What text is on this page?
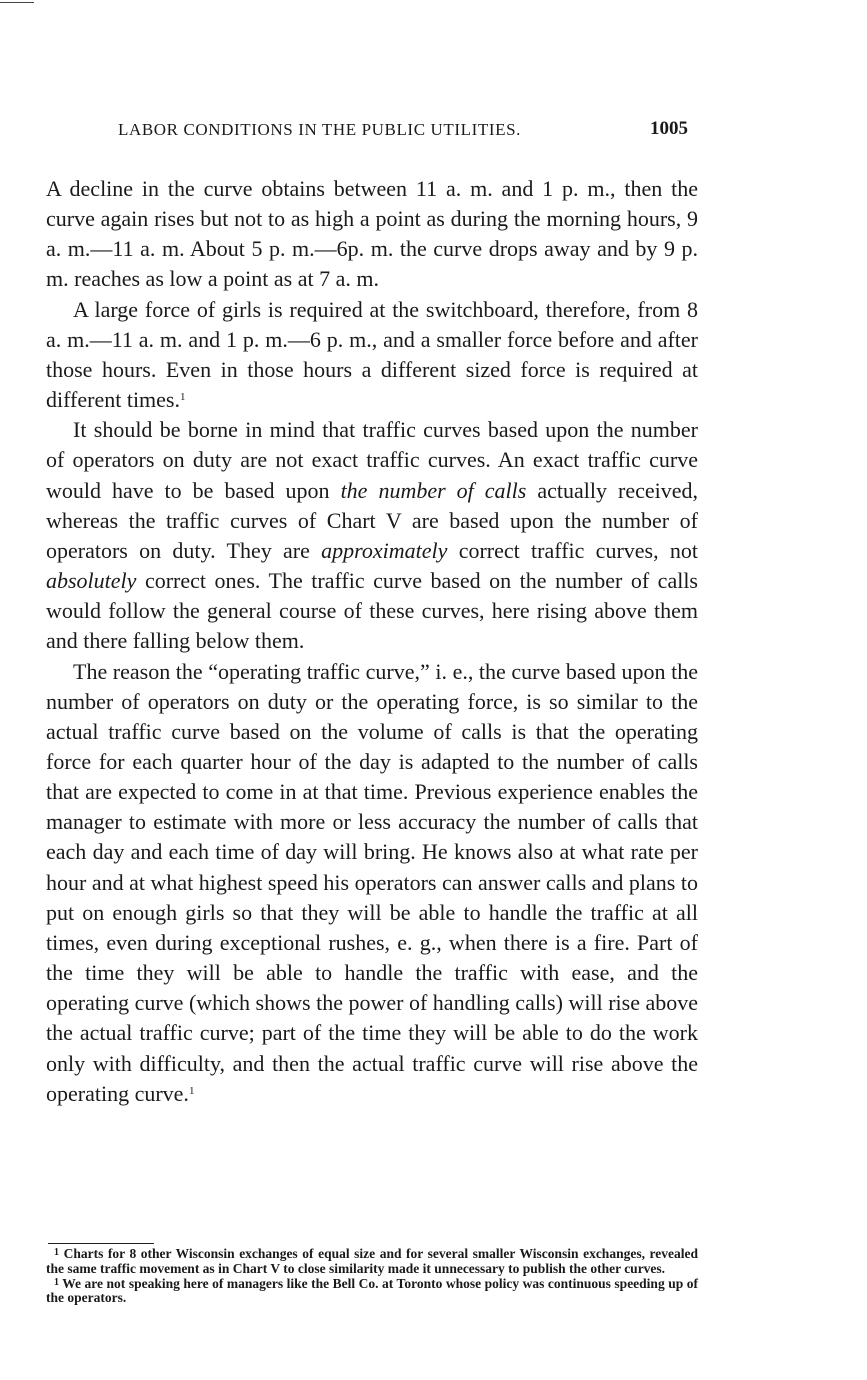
LABOR CONDITIONS IN THE PUBLIC UTILITIES.	1005

A decline in the curve obtains between 11 a. m. and 1 p. m., then the curve again rises but not to as high a point as during the morning hours, 9 a. m.—11 a. m. About 5 p. m.—6p. m. the curve drops away and by 9 p. m. reaches as low a point as at 7 a. m.

A large force of girls is required at the switchboard, therefore, from 8 a. m.—11 a. m. and 1 p. m.—6 p. m., and a smaller force before and after those hours. Even in those hours a different sized force is required at different times.$^1$

It should be borne in mind that traffic curves based upon the number of operators on duty are not exact traffic curves. An exact traffic curve would have to be based upon the number of calls actually received, whereas the traffic curves of Chart V are based upon the number of operators on duty. They are approximately correct traffic curves, not absolutely correct ones. The traffic curve based on the number of calls would follow the general course of these curves, here rising above them and there falling below them.

The reason the “operating traffic curve,” i. e., the curve based upon the number of operators on duty or the operating force, is so similar to the actual traffic curve based on the volume of calls is that the operating force for each quarter hour of the day is adapted to the number of calls that are expected to come in at that time. Previous experience enables the manager to estimate with more or less accuracy the number of calls that each day and each time of day will bring. He knows also at what rate per hour and at what highest speed his operators can answer calls and plans to put on enough girls so that they will be able to handle the traffic at all times, even during exceptional rushes, e. g., when there is a fire. Part of the time they will be able to handle the traffic with ease, and the operating curve (which shows the power of handling calls) will rise above the actual traffic curve; part of the time they will be able to do the work only with difficulty, and then the actual traffic curve will rise above the operating curve.$^1$

$^1$ Charts for 8 other Wisconsin exchanges of equal size and for several smaller Wisconsin exchanges, revealed the same traffic movement as in Chart V to close similarity made it unnecessary to publish the other curves.

$^1$ We are not speaking here of managers like the Bell Co. at Toronto whose policy was continuous speeding up of the operators.
